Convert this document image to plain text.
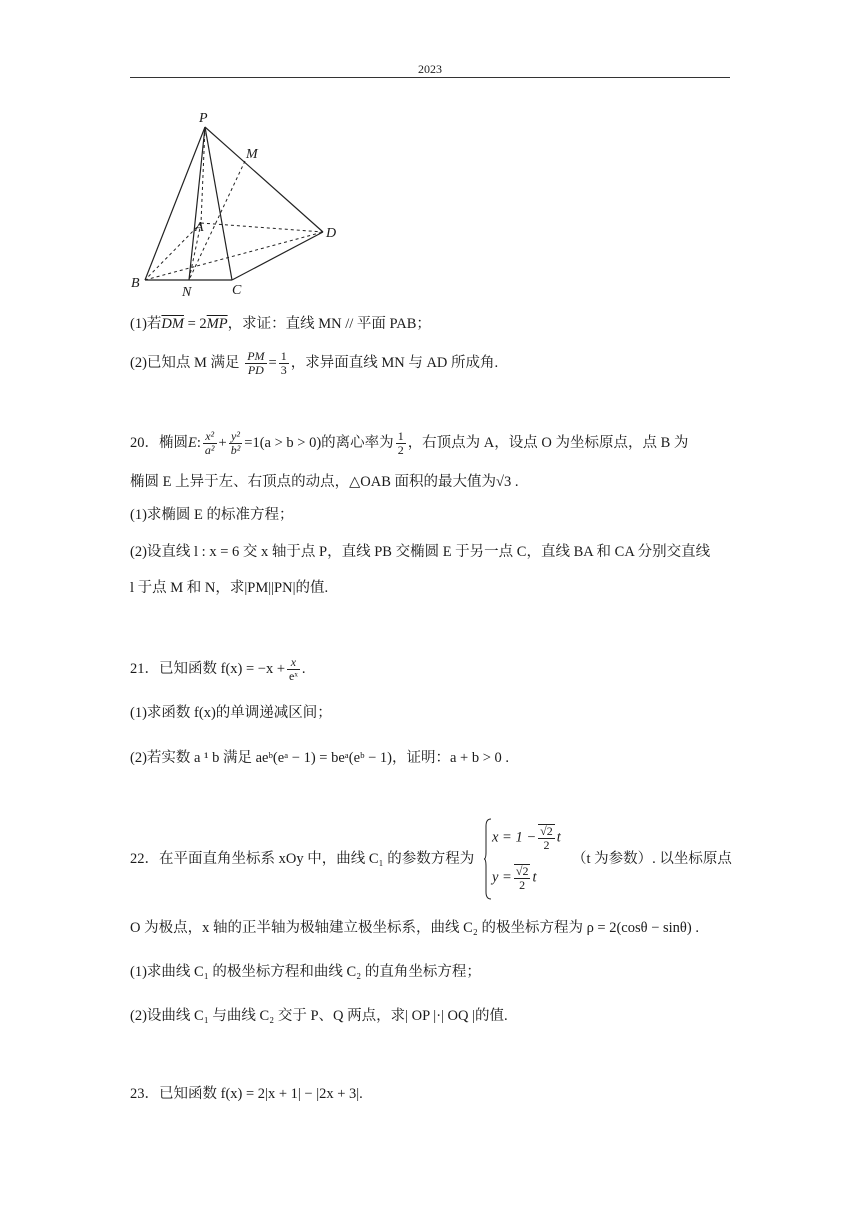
2023
P
M
A	D
B
N	C
(1)若$\overline{DM} = 2\overline{MP}$，求证：直线 MN // 平面 PAB；
(2)已知点 M 满足 $\frac{PM}{PD} = \frac{1}{3}$ ，求异面直线 MN 与 AD 所成角.
20．椭圆E: $\frac{\text{x²}}{\text{a²}} + \frac{\text{y²}}{\text{b²}} =1(a > b > 0)$的离心率为 $\frac{1}{2}$ ，右顶点为 A，设点 O 为坐标原点，点 B 为
椭圆 E 上异于左、右顶点的动点，△OAB 面积的最大值为√3 .
(1)求椭圆 E 的标准方程；
(2)设直线 l : x = 6 交 x 轴于点 P，直线 PB 交椭圆 E 于另一点 C，直线 BA 和 CA 分别交直线
l 于点 M 和 N，求|PM||PN|的值.
21．已知函数 $f(x) = -x + \frac{x}{\text{eˣ}}$ .
(1)求函数 f(x)的单调递减区间；
(2)若实数 a ¹ b 满足 aeᵇ(eᵃ − 1) = beᵃ(eᵇ − 1)，证明：a + b > 0 .
22．在平面直角坐标系 xOy 中，曲线 C₁ 的参数方程为
$x = 1 - \frac{√2}{2}$ t
$y = \frac{√2}{2}$ t
（t 为参数）. 以坐标原点
O 为极点，x 轴的正半轴为极轴建立极坐标系，曲线 C₂ 的极坐标方程为 ρ = 2(cosθ − sinθ) .
(1)求曲线 C₁ 的极坐标方程和曲线 C₂ 的直角坐标方程；
(2)设曲线 C₁ 与曲线 C₂ 交于 P、Q 两点，求| OP |·| OQ |的值.
23．已知函数 f(x) = 2|x + 1| − |2x + 3|.
